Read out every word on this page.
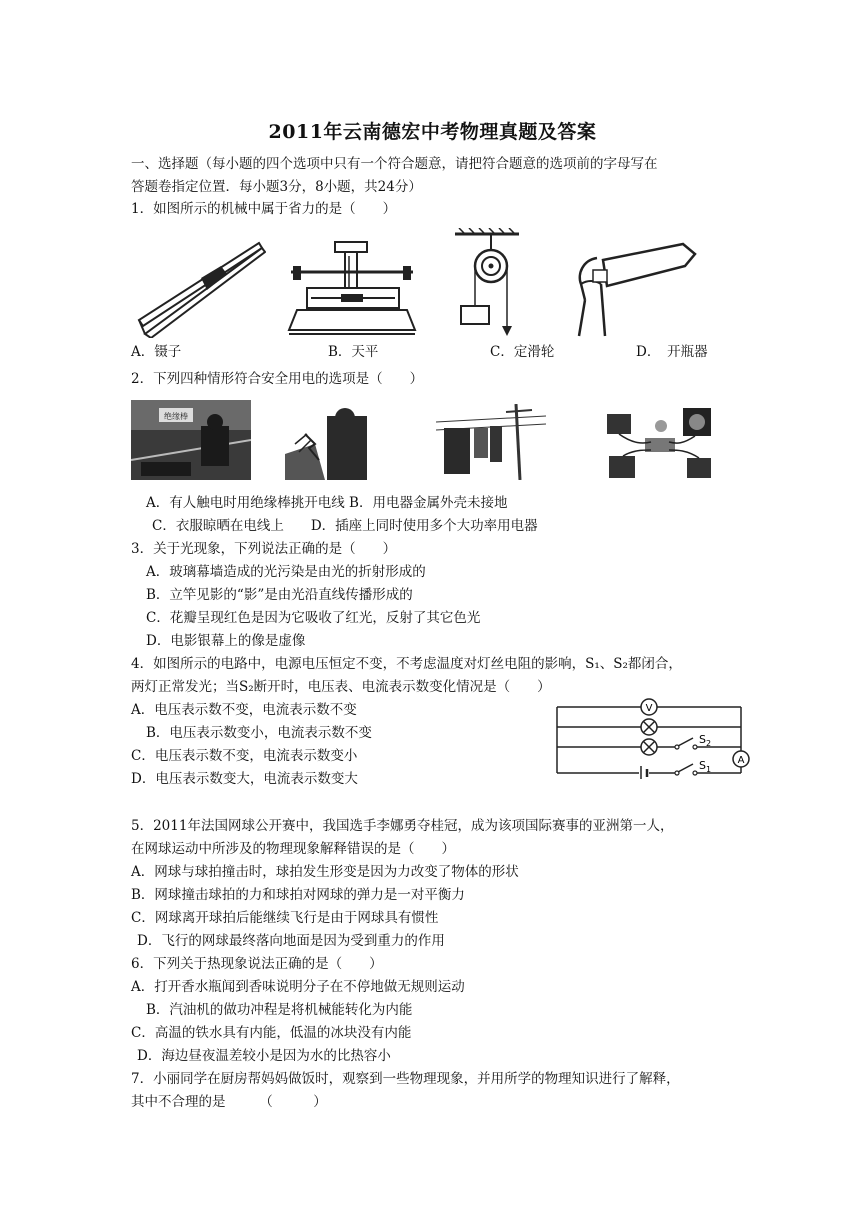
2011年云南德宏中考物理真题及答案
一、选择题（每小题的四个选项中只有一个符合题意，请把符合题意的选项前的字母写在
答题卷指定位置．每小题3分，8小题，共24分）
1．如图所示的机械中属于省力的是（　　）
A．镊子	B．天平	C．定滑轮	D．　开瓶器
2．下列四种情形符合安全用电的选项是（　　）
绝缘棒
A．有人触电时用绝缘棒挑开电线 B．用电器金属外壳未接地
C．衣服晾晒在电线上　　D．插座上同时使用多个大功率用电器
3．关于光现象，下列说法正确的是（　　）
A．玻璃幕墙造成的光污染是由光的折射形成的
B．立竿见影的“影”是由光沿直线传播形成的
C．花瓣呈现红色是因为它吸收了红光，反射了其它色光
D．电影银幕上的像是虚像
4．如图所示的电路中，电源电压恒定不变，不考虑温度对灯丝电阻的影响，S₁、S₂都闭合，
两灯正常发光；当S₂断开时，电压表、电流表示数变化情况是（　　）
A．电压表示数不变，电流表示数不变
B．电压表示数变小，电流表示数不变
C．电压表示数不变，电流表示数变小
D．电压表示数变大，电流表示数变大
V
$S_2$
A
$S_1$
5．2011年法国网球公开赛中，我国选手李娜勇夺桂冠，成为该项国际赛事的亚洲第一人，
在网球运动中所涉及的物理现象解释错误的是（　　）
A．网球与球拍撞击时，球拍发生形变是因为力改变了物体的形状
B．网球撞击球拍的力和球拍对网球的弹力是一对平衡力
C．网球离开球拍后能继续飞行是由于网球具有惯性
D．飞行的网球最终落向地面是因为受到重力的作用
6．下列关于热现象说法正确的是（　　）
A．打开香水瓶闻到香味说明分子在不停地做无规则运动
B．汽油机的做功冲程是将机械能转化为内能
C．高温的铁水具有内能，低温的冰块没有内能
D．海边昼夜温差较小是因为水的比热容小
7．小丽同学在厨房帮妈妈做饭时，观察到一些物理现象，并用所学的物理知识进行了解释，
其中不合理的是　　　（　　　）
